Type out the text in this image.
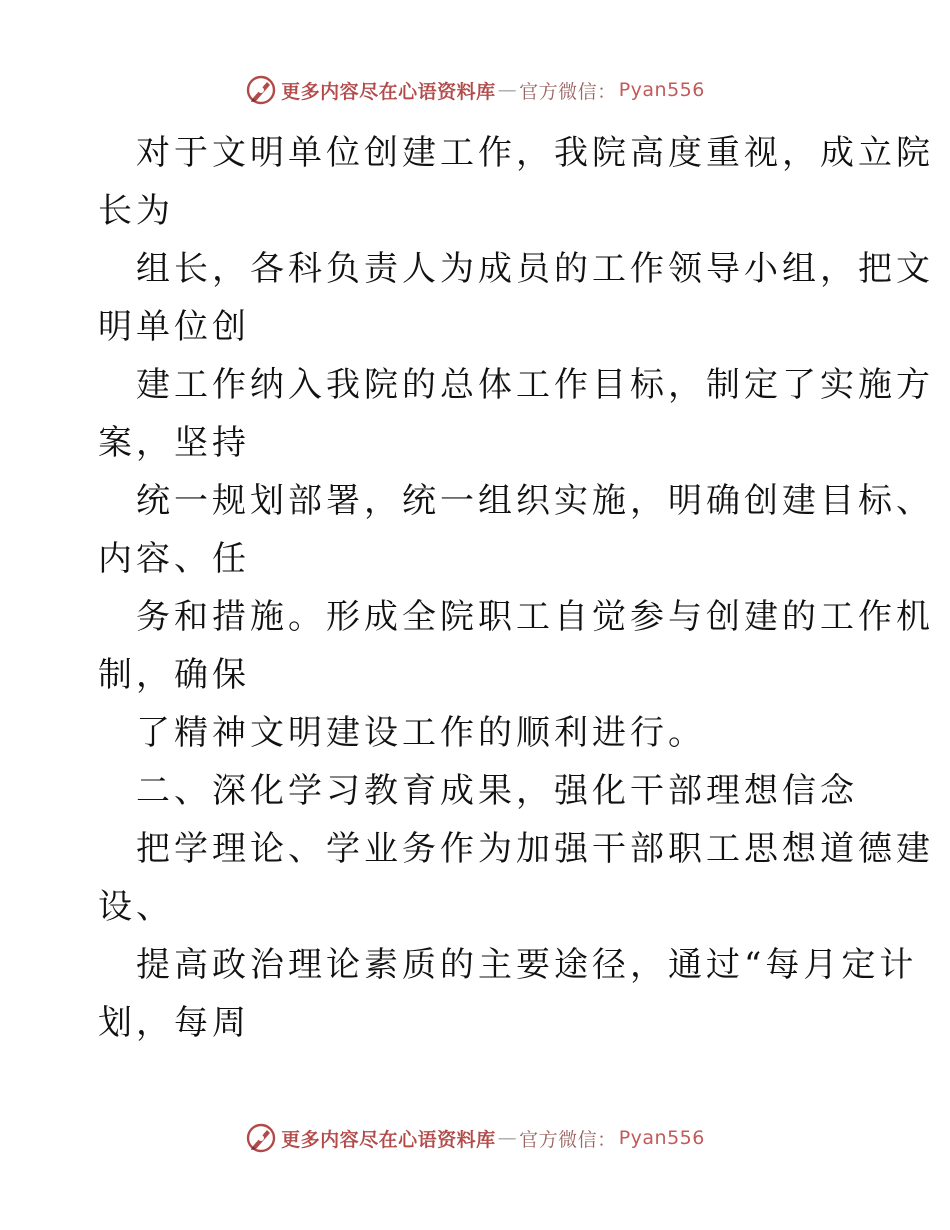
更多内容尽在心语资料库 — 官方微信： Pyan556
对于文明单位创建工作，我院高度重视，成立院
长为
组长，各科负责人为成员的工作领导小组，把文
明单位创
建工作纳入我院的总体工作目标，制定了实施方
案，坚持
统一规划部署，统一组织实施，明确创建目标、
内容、任
务和措施。形成全院职工自觉参与创建的工作机
制，确保
了精神文明建设工作的顺利进行。
二、深化学习教育成果，强化干部理想信念
把学理论、学业务作为加强干部职工思想道德建
设、
提高政治理论素质的主要途径，通过“每月定计
划，每周
更多内容尽在心语资料库 — 官方微信： Pyan556
